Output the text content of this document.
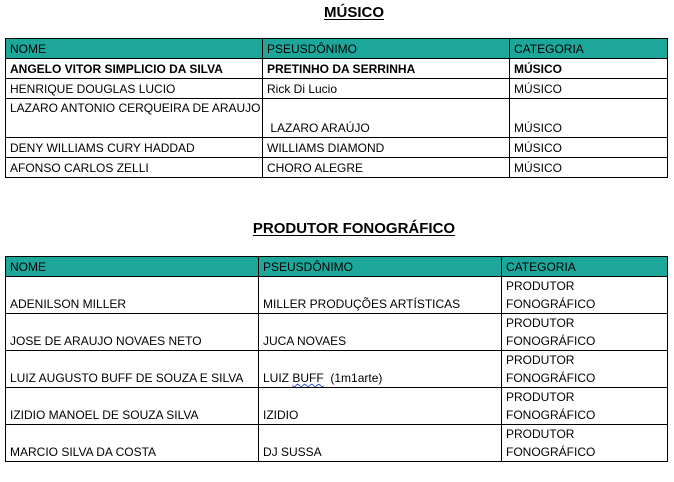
MÚSICO
NOME	PSEUSDÔNIMO	CATEGORIA
ANGELO VITOR SIMPLICIO DA SILVA	PRETINHO DA SERRINHA	MÚSICO
HENRIQUE DOUGLAS LUCIO	Rick Di Lucio	MÚSICO
LAZARO ANTONIO CERQUEIRA DE ARAUJO	LAZARO ARAÚJO	MÚSICO
DENY WILLIAMS CURY HADDAD	WILLIAMS DIAMOND	MÚSICO
AFONSO CARLOS ZELLI	CHORO ALEGRE	MÚSICO
PRODUTOR FONOGRÁFICO
NOME	PSEUSDÔNIMO	CATEGORIA
ADENILSON MILLER	MILLER PRODUÇÕES ARTÍSTICAS	PRODUTOR
FONOGRÁFICO
JOSE DE ARAUJO NOVAES NETO	JUCA NOVAES	PRODUTOR
FONOGRÁFICO
LUIZ AUGUSTO BUFF DE SOUZA E SILVA	LUIZ BUFF  (1m1arte)	PRODUTOR
FONOGRÁFICO
IZIDIO MANOEL DE SOUZA SILVA	IZIDIO	PRODUTOR
FONOGRÁFICO
MARCIO SILVA DA COSTA	DJ SUSSA	PRODUTOR
FONOGRÁFICO
